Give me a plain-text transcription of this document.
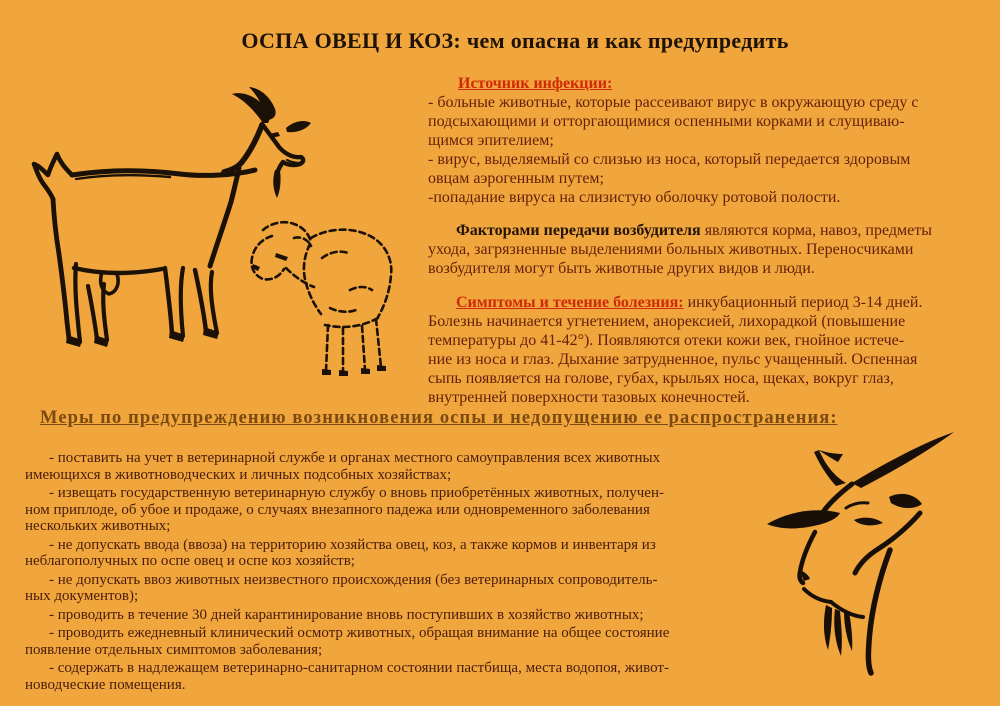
ОСПА ОВЕЦ И КОЗ: чем опасна и как предупредить
Источник инфекции:
- больные животные, которые рассеивают вирус в окружающую среду с
подсыхающими и отторгающимися оспенными корками и слущиваю-
щимся эпителием;
- вирус, выделяемый со слизью из носа, который передается здоровым
овцам аэрогенным путем;
-попадание вируса на слизистую оболочку ротовой полости.
Факторами передачи возбудителя являются корма, навоз, предметы
ухода, загрязненные выделениями больных животных. Переносчиками
возбудителя могут быть животные других видов и люди.
Симптомы и течение болезния: инкубационный период 3-14 дней.
Болезнь начинается угнетением, анорексией, лихорадкой (повышение
температуры до 41-42°). Появляются отеки кожи век, гнойное истече-
ние из носа и глаз. Дыхание затрудненное, пульс учащенный. Оспенная
сыпь появляется на голове, губах, крыльях носа, щеках, вокруг глаз,
внутренней поверхности тазовых конечностей.
Меры по предупреждению возникновения оспы и недопущению ее распространения:
- поставить на учет в ветеринарной службе и органах местного самоуправления всех животных
имеющихся в животноводческих и личных подсобных хозяйствах;
- извещать государственную ветеринарную службу о вновь приобретённых животных, получен-
ном приплоде, об убое и продаже, о случаях внезапного падежа или одновременного заболевания
нескольких животных;
- не допускать ввода (ввоза) на территорию хозяйства овец, коз, а также кормов и инвентаря из
неблагополучных по оспе овец и оспе коз хозяйств;
- не допускать ввоз животных неизвестного происхождения (без ветеринарных сопроводитель-
ных документов);
- проводить в течение 30 дней карантинирование вновь поступивших в хозяйство животных;
- проводить ежедневный клинический осмотр животных, обращая внимание на общее состояние
появление отдельных симптомов заболевания;
- содержать в надлежащем ветеринарно-санитарном состоянии пастбища, места водопоя, живот-
новодческие помещения.
